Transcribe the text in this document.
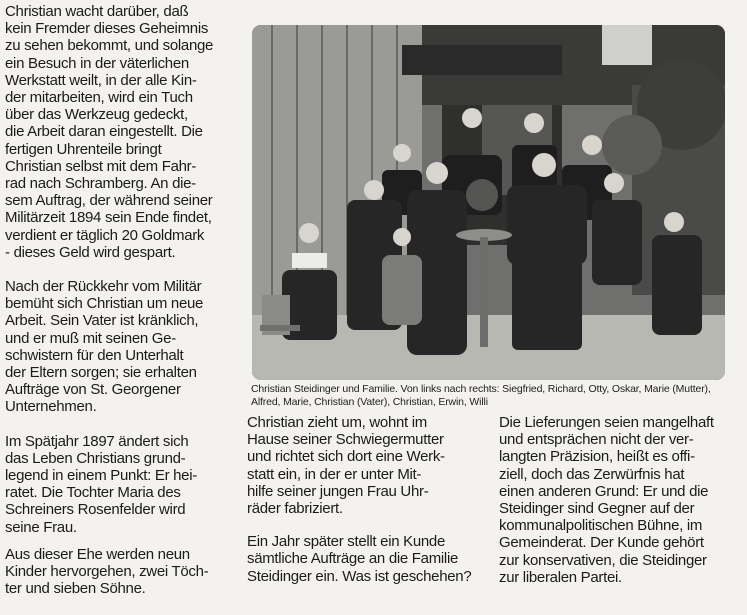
Christian wacht darüber, daß
kein Fremder dieses Geheimnis
zu sehen bekommt, und solange
ein Besuch in der väterlichen
Werkstatt weilt, in der alle Kin-
der mitarbeiten, wird ein Tuch
über das Werkzeug gedeckt,
die Arbeit daran eingestellt. Die
fertigen Uhrenteile bringt
Christian selbst mit dem Fahr-
rad nach Schramberg. An die-
sem Auftrag, der während seiner
Militärzeit 1894 sein Ende findet,
verdient er täglich 20 Goldmark
- dieses Geld wird gespart.

Nach der Rückkehr vom Militär
bemüht sich Christian um neue
Arbeit. Sein Vater ist kränklich,
und er muß mit seinen Ge-
schwistern für den Unterhalt
der Eltern sorgen; sie erhalten
Aufträge von St. Georgener
Unternehmen.

Im Spätjahr 1897 ändert sich
das Leben Christians grund-
legend in einem Punkt: Er hei-
ratet. Die Tochter Maria des
Schreiners Rosenfelder wird
seine Frau.

Aus dieser Ehe werden neun
Kinder hervorgehen, zwei Töch-
ter und sieben Söhne.

Christian Steidinger und Familie. Von links nach rechts: Siegfried, Richard, Otty, Oskar, Marie (Mutter),
Alfred, Marie, Christian (Vater), Christian, Erwin, Willi

Christian zieht um, wohnt im
Hause seiner Schwiegermutter
und richtet sich dort eine Werk-
statt ein, in der er unter Mit-
hilfe seiner jungen Frau Uhr-
räder fabriziert.

Ein Jahr später stellt ein Kunde
sämtliche Aufträge an die Familie
Steidinger ein. Was ist geschehen?

Die Lieferungen seien mangelhaft
und entsprächen nicht der ver-
langten Präzision, heißt es offi-
ziell, doch das Zerwürfnis hat
einen anderen Grund: Er und die
Steidinger sind Gegner auf der
kommunalpolitischen Bühne, im
Gemeinderat. Der Kunde gehört
zur konservativen, die Steidinger
zur liberalen Partei.
